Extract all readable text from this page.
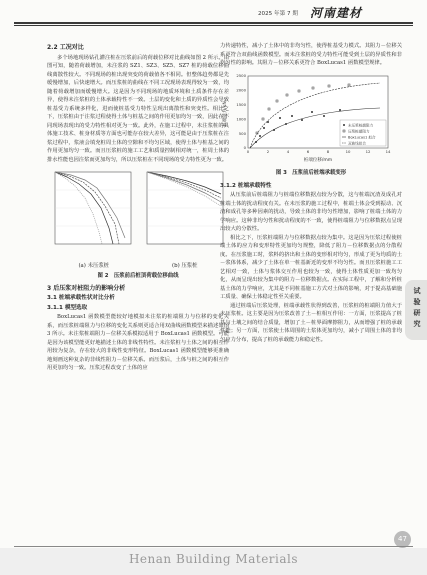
2025 年第 7 期 河南建材
试验研究
2.2 工况对比

多个场地现场钻孔灌注桩在压浆前后的荷载位移对比曲线如图 2 所示。由图可知，随着荷载增加，未注浆的 SZ1、SZ3、SZ5、SZ7 桩的荷载位移曲线离散性较大。不同现场的桩出现突变的荷载值各不相同。但整体趋势都是先缓慢增加，后快速增大。而压浆桩的曲线在不同工况现场表现得较为一致，均随着荷载增加而缓慢增大。这是因为不同现场的地质环境和土质条件存在差异，使得未注浆桩的土体承载特性不一致。土层的变化和土质的异质性会导致桩基受力系统多样化，进而使桩基受力特性呈现出离散性和突变性。相比之下，压浆桩由于注浆过程使得土体与桩基之间的作用更加均匀一致，因此在不同现场表现出的受力特性相对更为一致。此外，在施工过程中，未注浆桩的具体施工技术、桩身材质等方面也可能存在较大差异，这可能是由于压浆桩在注浆过程中，浆液会填充桩周土体的空隙和不均匀区域，使得土体与桩基之间的作用更加均匀一致。而且压浆桩的施工工艺和质量控制相对统一，桩周土体的排水性能也因注浆而更加均匀，所以压浆桩在不同现场的受力特性更为一致。

(a) 未压浆桩	(b) 压浆桩
图 2　压浆前后桩顶荷载位移曲线
3 后压浆对桩阻力的影响分析
3.1 桩端承载性状对比分析
3.1.1 模型选取

BoxLucas1 函数模型能较好地模拟未注浆的桩端阻力与位移的变化关系，而压浆桩端阻力与位移的变化关系则更适合用双曲线函数模型来描述如图 3 所示。未注浆桩端阻力－位移关系模拟适用于 BoxLucas1 函数模型。可能是因为该模型能更好地描述土体的非线性特性。未注浆桩与土体之间的相互作用较为复杂，存在较大的非线性变形特征。BoxLucas1 函数模型能够更准确地刻画这种复杂的非线性阻力－位移关系。而压浆后，土体与桩之间的相互作用更加均匀一致。压浆过程改变了土体的应

力传递特性，减小了土体中的非均匀性，使得桩基受力模式。其阻力－位移关系更符合双曲线函数模型。而未注浆桩的受力特性可能受到土层的异质性和非均匀性的影响。其阻力－位移关系更符合 BoxLucas1 函数模型规律。

0
500
1000
1500
2000
2500
0	2	4	6	8	10	12	14
桩端阻力/kN
桩端位移/mm
未压浆桩端阻力
压浆桩端阻力
BoxLucas1 拟合
双曲线拟合
图 3　压浆前后桩端承载变形
3.1.2 桩端承载特性

从压浆前后桩端阻力与桩端位移数据点较为分散，这与桩端沉渣及成孔对桩端土体的扰动程度有关。在未压浆的施工过程中，桩端土体会受到振动、沉渣和成孔等多种因素的扰动，导致土体的非均匀性增加，影响了桩端土体的力学响应。这种非均匀性和扰动程度的不一致，使得桩端阻力与位移数据点呈现出较大的分散性。

相比之下，压浆桩端阻力与位移数据点较为集中。这是因为压浆过程使桩端土体的应力和变形特性更加均匀规整，降低了阻力－位移数据点的分散程度。在压浆施工时，浆料的挤出和土体的变形相对均匀，形成了更为均质的土－浆体体系，减少了土体在单一桩基新近的变形不均匀性。而且压浆桩施工工艺相对一致，土体与浆体交互作用也较为一致，使得土体性质更加一致均匀化，从而呈现出较为集中的阻力－位移数据点。在实际工程中，了解和分析桩基土体的力学响应，尤其是不同桩基施工方式对土体的影响，对于提高基础施工质量、确保土体稳定性至关重要。

通过桩端后压浆处理，桩端承载性状得到改善，压浆桩的桩端阻力值大于未压浆桩。这主要是因为压浆改善了土－桩相互作用：一方面，压浆提高了桩基与土壤之间的结合质量，增加了土－桩界面摩擦阻力，从而增强了桩的承载性能；另一方面，压浆使土体周围的土浆体更加均匀，减小了周围土体的非均匀应力分布，提高了桩的承载能力和稳定性。

47
Henan Building Materials
